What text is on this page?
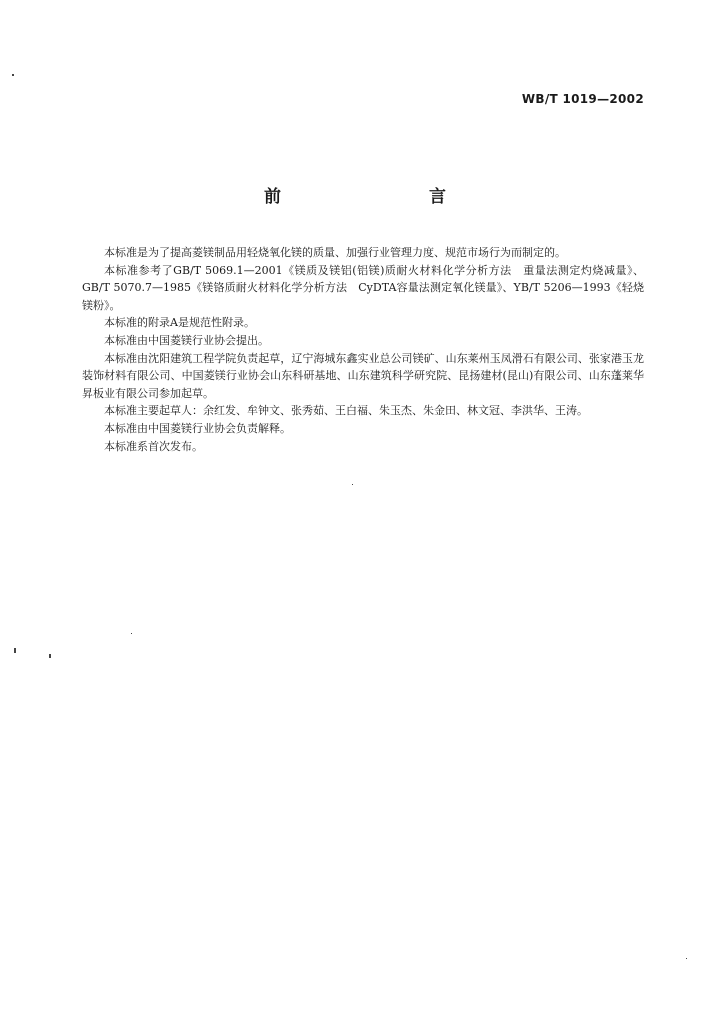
WB/T 1019—2002
前　　言

本标准是为了提高菱镁制品用轻烧氧化镁的质量、加强行业管理力度、规范市场行为而制定的。

本标准参考了GB/T 5069.1—2001《镁质及镁铝(铝镁)质耐火材料化学分析方法　重量法测定灼烧减量》、GB/T 5070.7—1985《镁铬质耐火材料化学分析方法　CyDTA容量法测定氧化镁量》、YB/T 5206—1993《轻烧镁粉》。

本标准的附录A是规范性附录。

本标准由中国菱镁行业协会提出。

本标准由沈阳建筑工程学院负责起草，辽宁海城东鑫实业总公司镁矿、山东莱州玉凤滑石有限公司、张家港玉龙装饰材料有限公司、中国菱镁行业协会山东科研基地、山东建筑科学研究院、昆扬建材(昆山)有限公司、山东蓬莱华昇板业有限公司参加起草。

本标准主要起草人：余红发、牟钟文、张秀茹、王白福、朱玉杰、朱金田、林文冠、李洪华、王涛。

本标准由中国菱镁行业协会负责解释。

本标准系首次发布。
